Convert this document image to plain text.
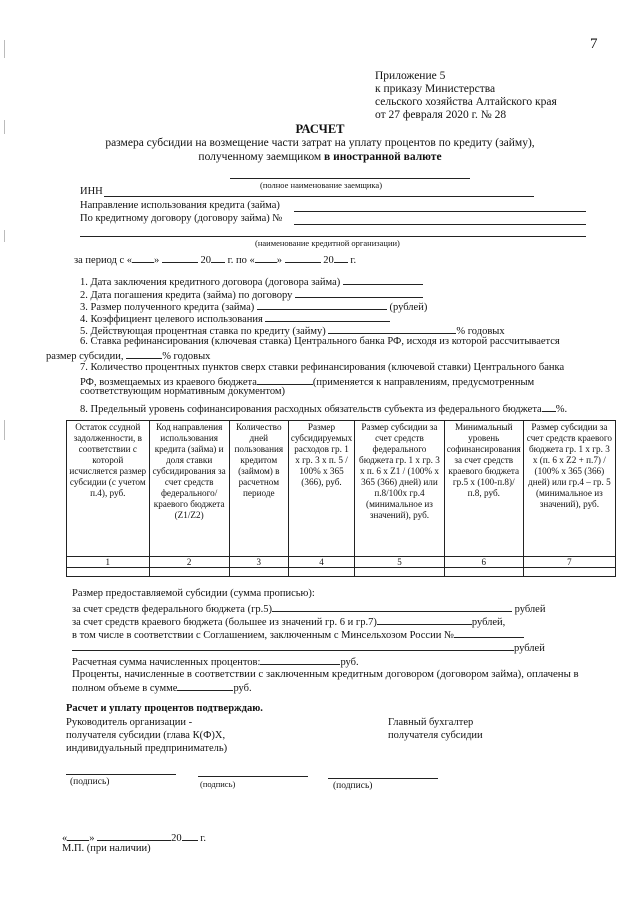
7
Приложение 5
к приказу Министерства
сельского хозяйства Алтайского края
от 27 февраля 2020 г. № 28
РАСЧЕТ
размера субсидии на возмещение части затрат на уплату процентов по кредиту (займу),
полученному заемщиком в иностранной валюте
(полное наименование заемщика)
ИНН
Направление использования кредита (займа)
По кредитному договору (договору займа) №
(наименование кредитной организации)
за период с « »	20 г. по « »	20 г.
1. Дата заключения кредитного договора (договора займа)
2. Дата погашения кредита (займа) по договору
3. Размер полученного кредита (займа)	(рублей)
4. Коэффициент целевого использования
5. Действующая процентная ставка по кредиту (займу)	% годовых
6. Ставка рефинансирования (ключевая ставка) Центрального банка РФ, исходя из которой рассчитывается
размер субсидии,	% годовых
7. Количество процентных пунктов сверх ставки рефинансирования (ключевой ставки) Центрального банка
РФ, возмещаемых из краевого бюджета	(применяется к направлениям, предусмотренным
соответствующим нормативным документом)
8. Предельный уровень софинансирования расходных обязательств субъекта из федерального бюджета %.
Остаток ссудной задолженности, в соответствии с которой исчисляется размер субсидии (с учетом п.4), руб.	Код направления использования кредита (займа) и доля ставки субсидирования за счет средств федерального/краевого бюджета (Z1/Z2)	Количество дней пользования кредитом (займом) в расчетном периоде	Размер субсидируемых расходов гр. 1 х гр. 3 х п. 5 / 100% х 365 (366), руб.	Размер субсидии за счет средств федерального бюджета гр. 1 х гр. 3 х п. 6 х Z1 / (100% х 365 (366) дней) или п.8/100х гр.4 (минимальное из значений), руб.	Минимальный уровень софинансирования за счет средств краевого бюджета гр.5 х (100-п.8)/п.8, руб.	Размер субсидии за счет средств краевого бюджета гр. 1 х гр. 3 х (п. 6 х Z2 + п.7) / (100% х 365 (366) дней) или гр.4 – гр. 5 (минимальное из значений), руб.
1	2	3	4	5	6	7

Размер предоставляемой субсидии (сумма прописью):
за счет средств федерального бюджета (гр.5)	рублей
за счет средств краевого бюджета (большее из значений гр. 6 и гр.7)	рублей,
в том числе в соответствии с Соглашением, заключенным с Минсельхозом России №
рублей
Расчетная сумма начисленных процентов:	руб.
Проценты, начисленные в соответствии с заключенным кредитным договором (договором займа), оплачены в
полном объеме в сумме	руб.
Расчет и уплату процентов подтверждаю.
Руководитель организации -
получателя субсидии (глава К(Ф)Х,
индивидуальный предприниматель)
Главный бухгалтер
получателя субсидии
(подпись)	(подпись)	(подпись)
« »	20 г.
М.П. (при наличии)
